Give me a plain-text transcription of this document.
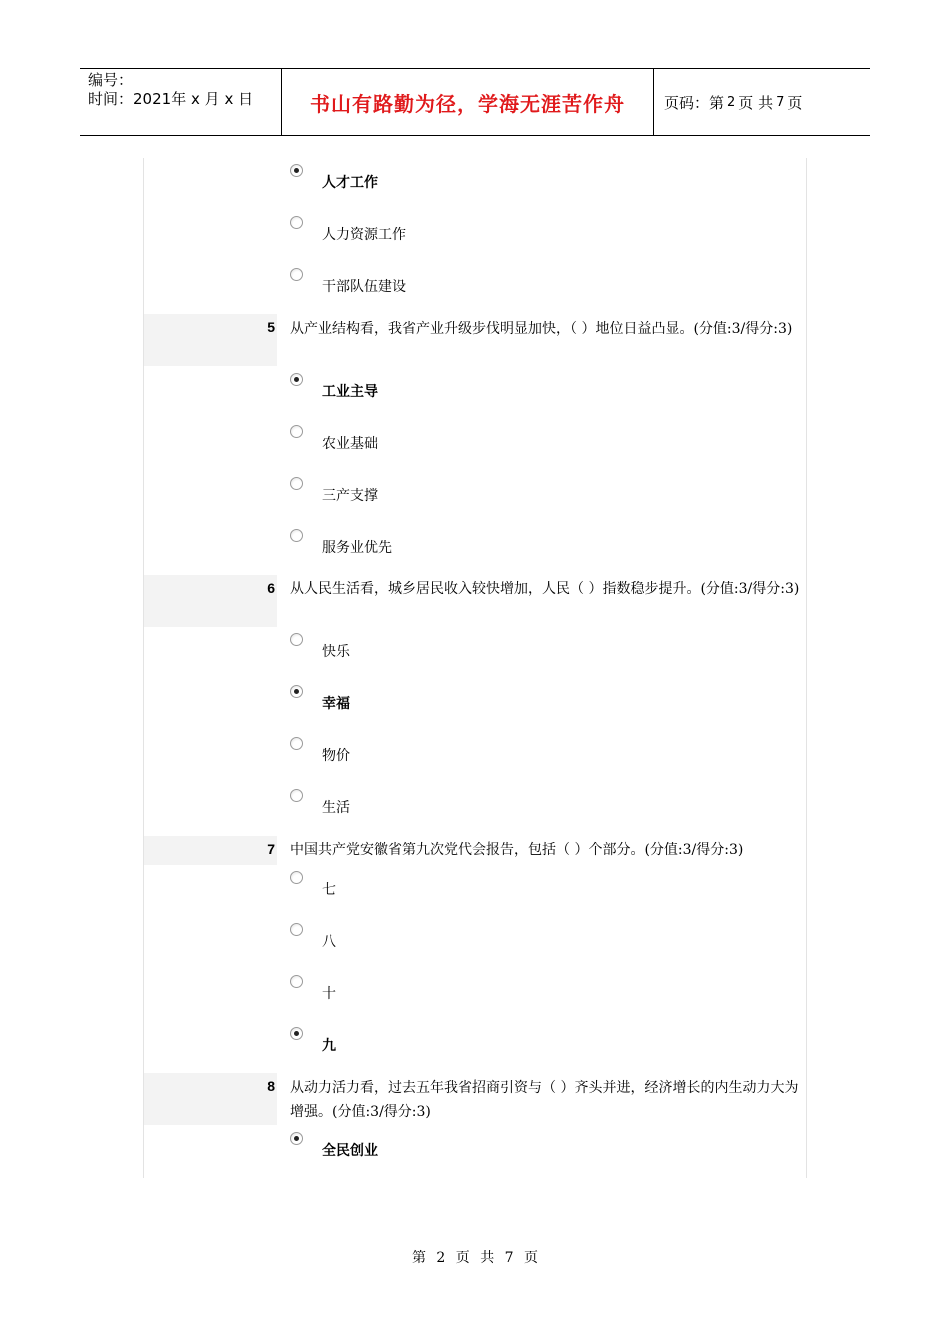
编号：
时间：2021年 x 月 x 日	书山有路勤为径，学海无涯苦作舟	页码：第 2 页 共 7 页
人才工作
人力资源工作
干部队伍建设
5 从产业结构看，我省产业升级步伐明显加快，（ ）地位日益凸显。(分值:3/得分:3)
工业主导
农业基础
三产支撑
服务业优先
6 从人民生活看，城乡居民收入较快增加，人民（ ）指数稳步提升。(分值:3/得分:3)
快乐
幸福
物价
生活
7 中国共产党安徽省第九次党代会报告，包括（ ）个部分。(分值:3/得分:3)
七
八
十
九
8 从动力活力看，过去五年我省招商引资与（ ）齐头并进，经济增长的内生动力大为增强。(分值:3/得分:3)
全民创业
第 2 页 共 7 页
